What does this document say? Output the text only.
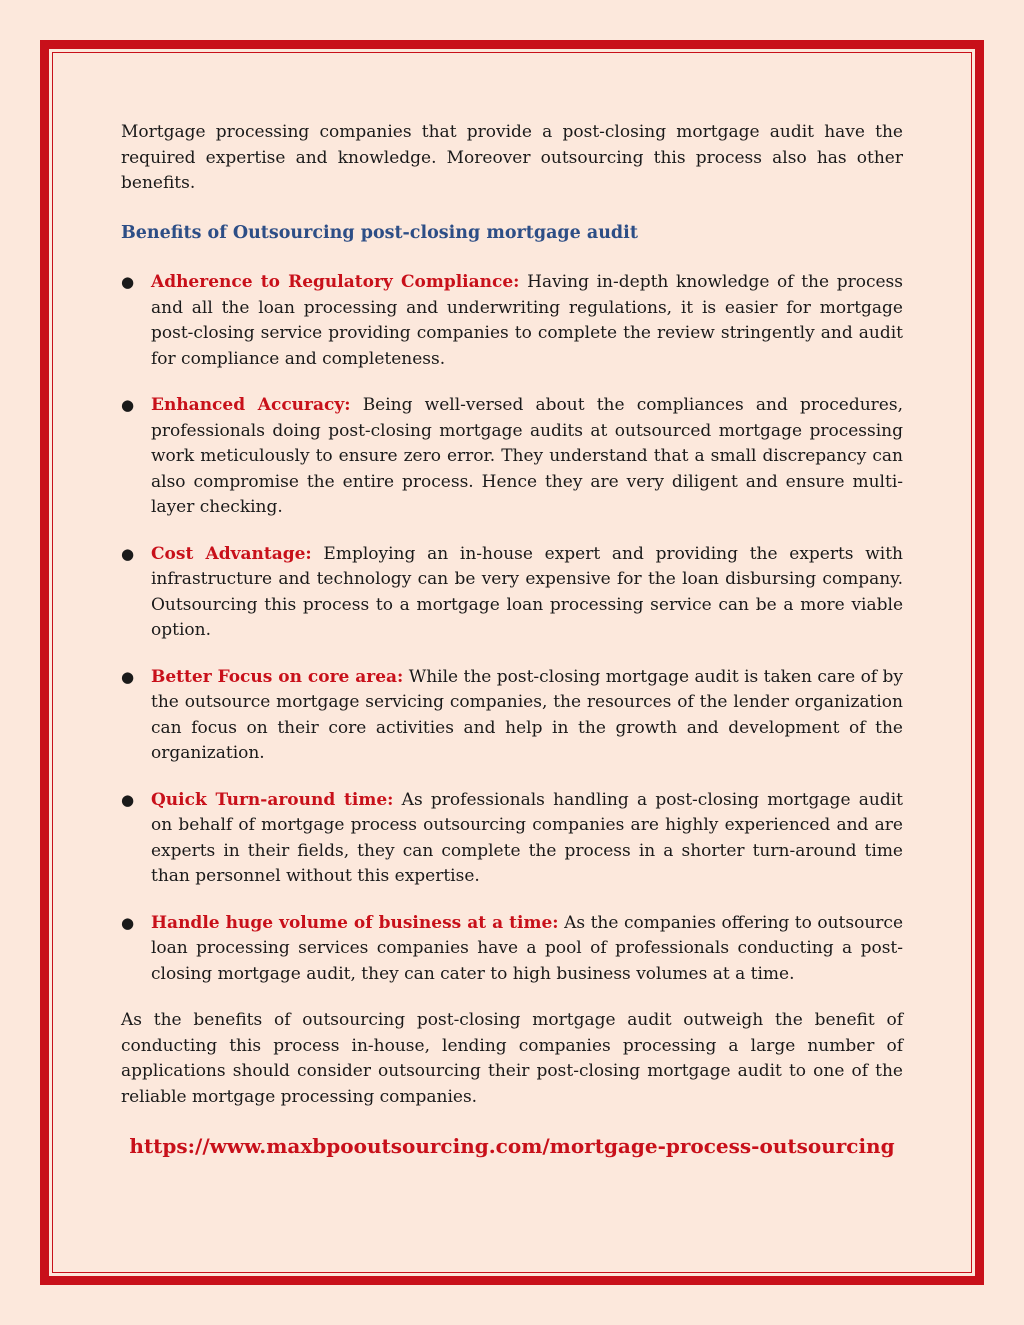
Mortgage processing companies that provide a post-closing mortgage audit have the required expertise and knowledge. Moreover outsourcing this process also has other benefits.

Benefits of Outsourcing post-closing mortgage audit
● Adherence to Regulatory Compliance: Having in-depth knowledge of the process and all the loan processing and underwriting regulations, it is easier for mortgage post-closing service providing companies to complete the review stringently and audit for compliance and completeness.
● Enhanced Accuracy: Being well-versed about the compliances and procedures, professionals doing post-closing mortgage audits at outsourced mortgage processing work meticulously to ensure zero error. They understand that a small discrepancy can also compromise the entire process. Hence they are very diligent and ensure multi-layer checking.
● Cost Advantage: Employing an in-house expert and providing the experts with infrastructure and technology can be very expensive for the loan disbursing company. Outsourcing this process to a mortgage loan processing service can be a more viable option.
● Better Focus on core area: While the post-closing mortgage audit is taken care of by the outsource mortgage servicing companies, the resources of the lender organization can focus on their core activities and help in the growth and development of the organization.
● Quick Turn-around time: As professionals handling a post-closing mortgage audit on behalf of mortgage process outsourcing companies are highly experienced and are experts in their fields, they can complete the process in a shorter turn-around time than personnel without this expertise.
● Handle huge volume of business at a time: As the companies offering to outsource loan processing services companies have a pool of professionals conducting a post-closing mortgage audit, they can cater to high business volumes at a time.

As the benefits of outsourcing post-closing mortgage audit outweigh the benefit of conducting this process in-house, lending companies processing a large number of applications should consider outsourcing their post-closing mortgage audit to one of the reliable mortgage processing companies.

https://www.maxbpooutsourcing.com/mortgage-process-outsourcing
